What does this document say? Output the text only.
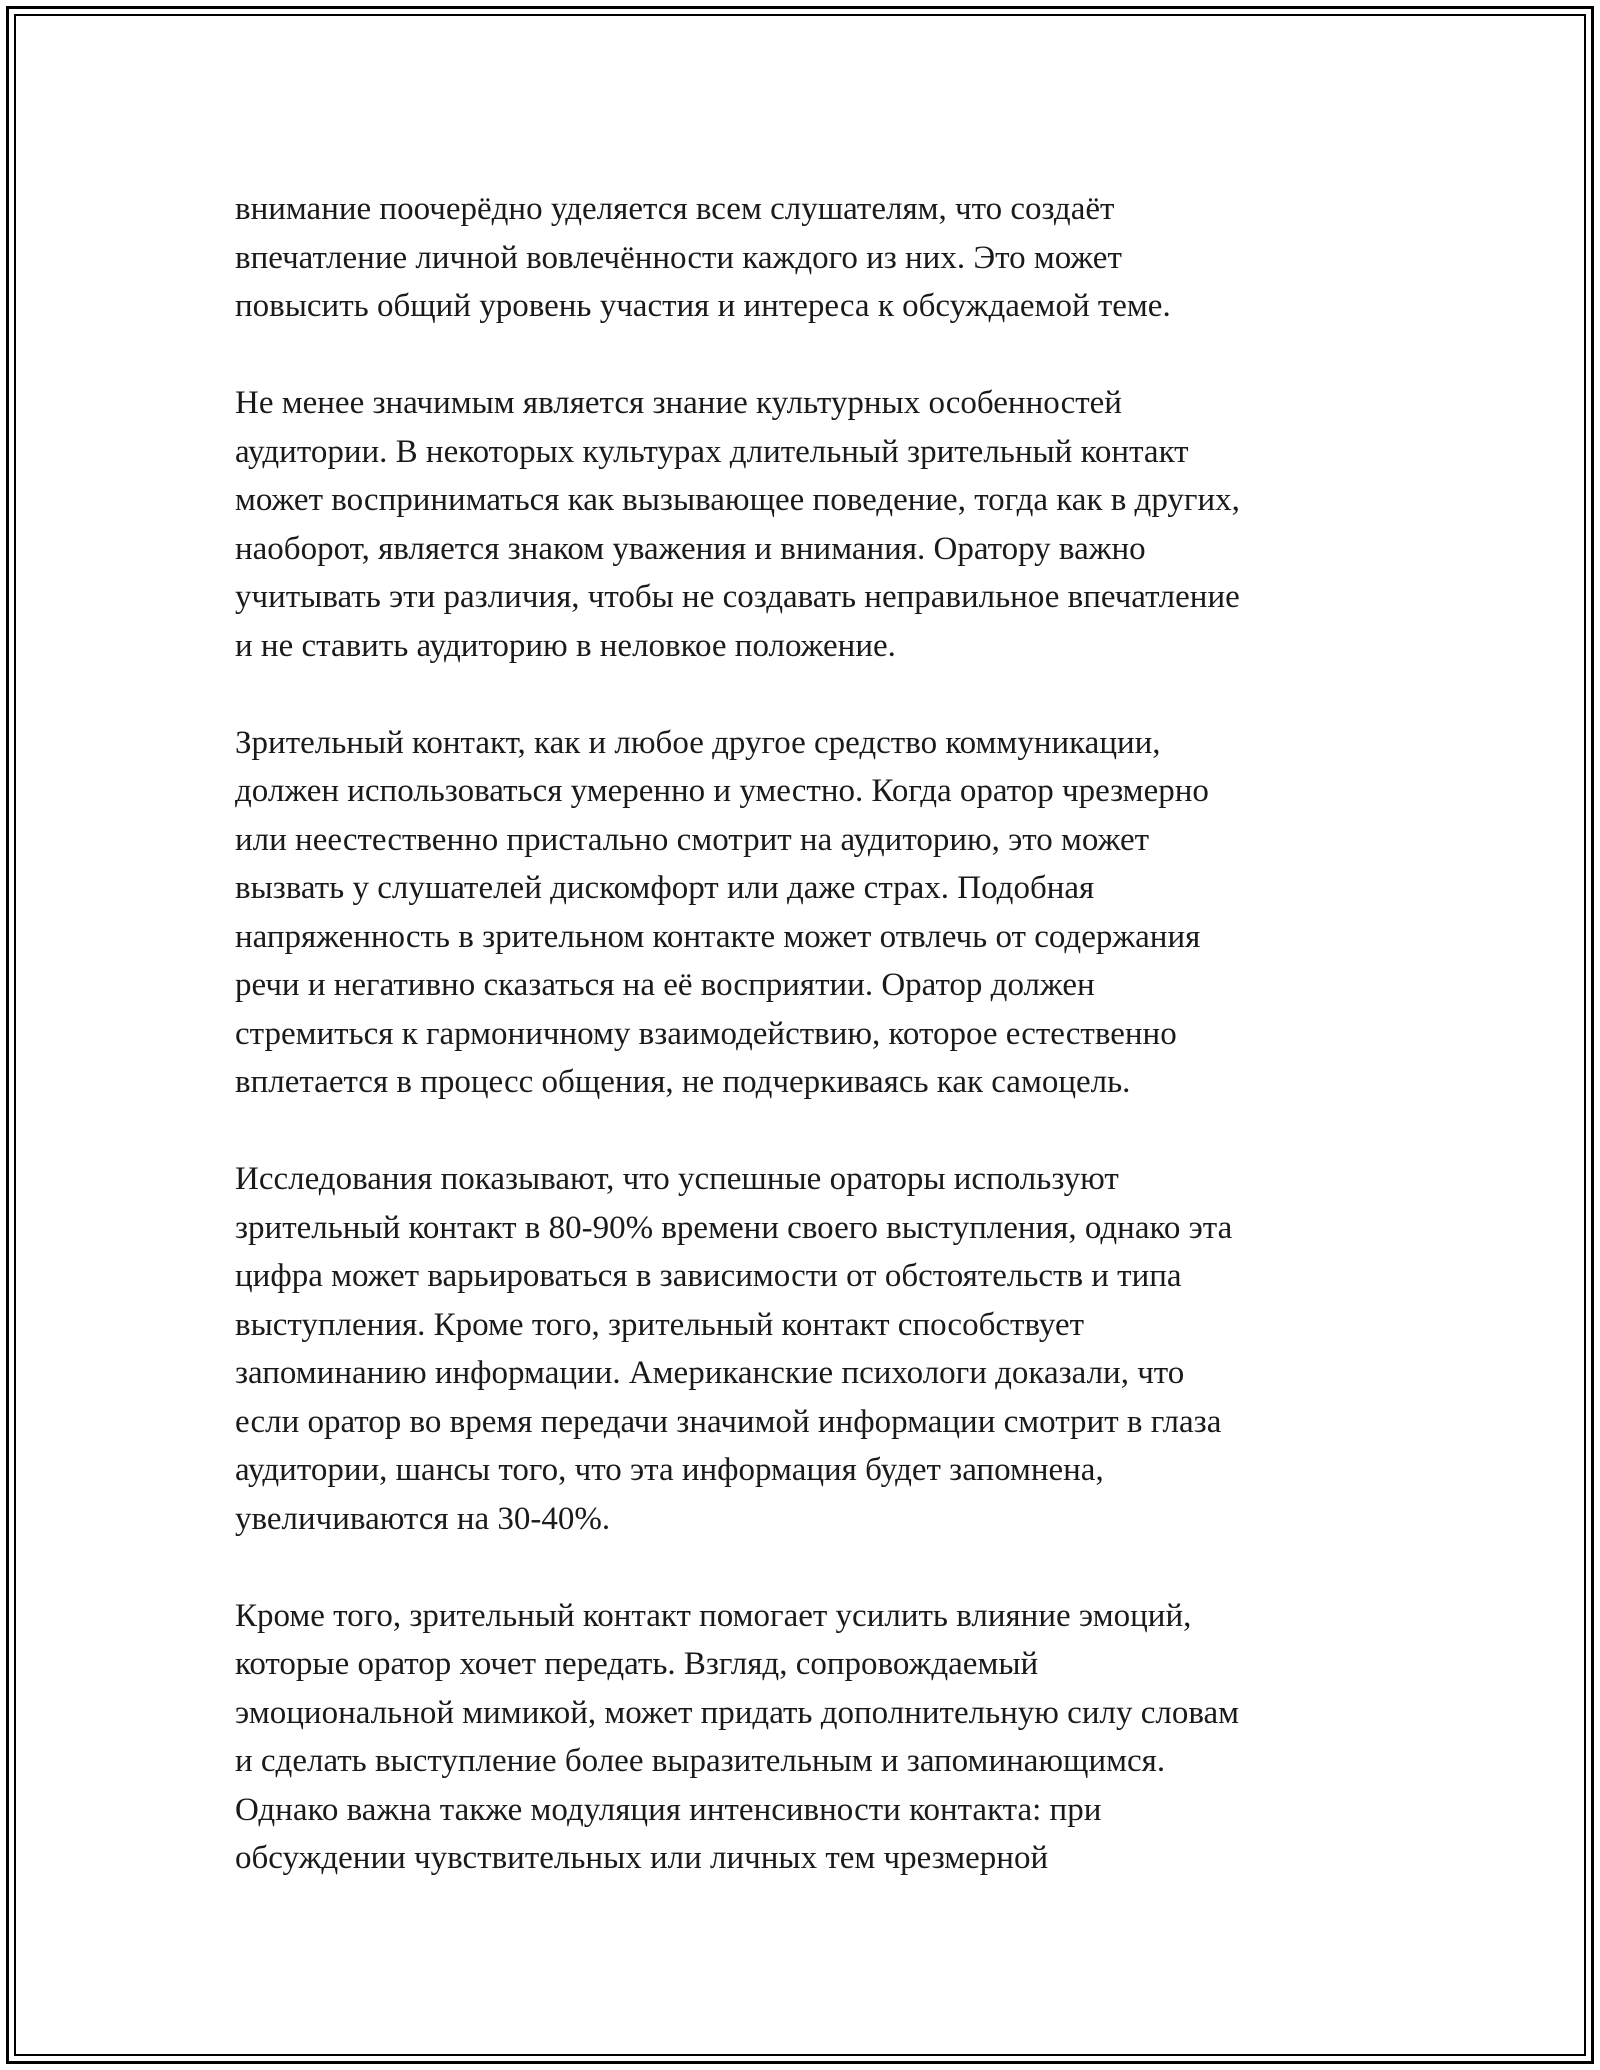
внимание поочерёдно уделяется всем слушателям, что создаёт
впечатление личной вовлечённости каждого из них. Это может
повысить общий уровень участия и интереса к обсуждаемой теме.

Не менее значимым является знание культурных особенностей
аудитории. В некоторых культурах длительный зрительный контакт
может восприниматься как вызывающее поведение, тогда как в других,
наоборот, является знаком уважения и внимания. Оратору важно
учитывать эти различия, чтобы не создавать неправильное впечатление
и не ставить аудиторию в неловкое положение.

Зрительный контакт, как и любое другое средство коммуникации,
должен использоваться умеренно и уместно. Когда оратор чрезмерно
или неестественно пристально смотрит на аудиторию, это может
вызвать у слушателей дискомфорт или даже страх. Подобная
напряженность в зрительном контакте может отвлечь от содержания
речи и негативно сказаться на её восприятии. Оратор должен
стремиться к гармоничному взаимодействию, которое естественно
вплетается в процесс общения, не подчеркиваясь как самоцель.

Исследования показывают, что успешные ораторы используют
зрительный контакт в 80-90% времени своего выступления, однако эта
цифра может варьироваться в зависимости от обстоятельств и типа
выступления. Кроме того, зрительный контакт способствует
запоминанию информации. Американские психологи доказали, что
если оратор во время передачи значимой информации смотрит в глаза
аудитории, шансы того, что эта информация будет запомнена,
увеличиваются на 30-40%.

Кроме того, зрительный контакт помогает усилить влияние эмоций,
которые оратор хочет передать. Взгляд, сопровождаемый
эмоциональной мимикой, может придать дополнительную силу словам
и сделать выступление более выразительным и запоминающимся.
Однако важна также модуляция интенсивности контакта: при
обсуждении чувствительных или личных тем чрезмерной
